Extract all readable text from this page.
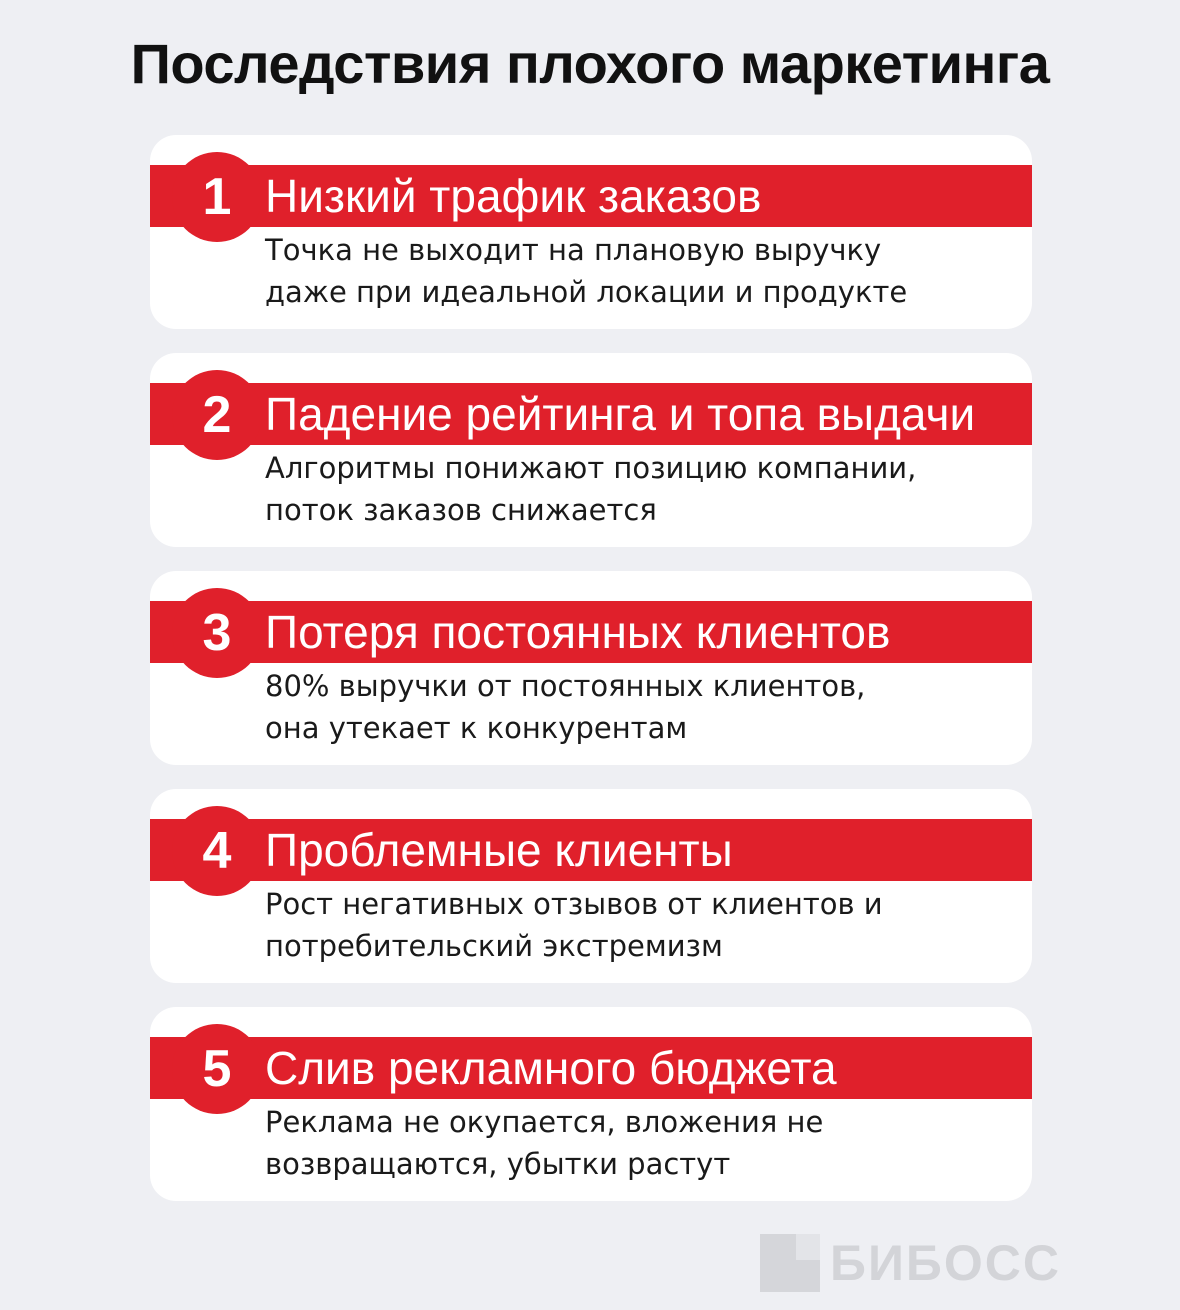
Последствия плохого маркетинга
1 Низкий трафик заказов
Точка не выходит на плановую выручку
даже при идеальной локации и продукте
2 Падение рейтинга и топа выдачи
Алгоритмы понижают позицию компании,
поток заказов снижается
3 Потеря постоянных клиентов
80% выручки от постоянных клиентов,
она утекает к конкурентам
4 Проблемные клиенты
Рост негативных отзывов от клиентов и
потребительский экстремизм
5 Слив рекламного бюджета
Реклама не окупается, вложения не
возвращаются, убытки растут
БИБОСС
